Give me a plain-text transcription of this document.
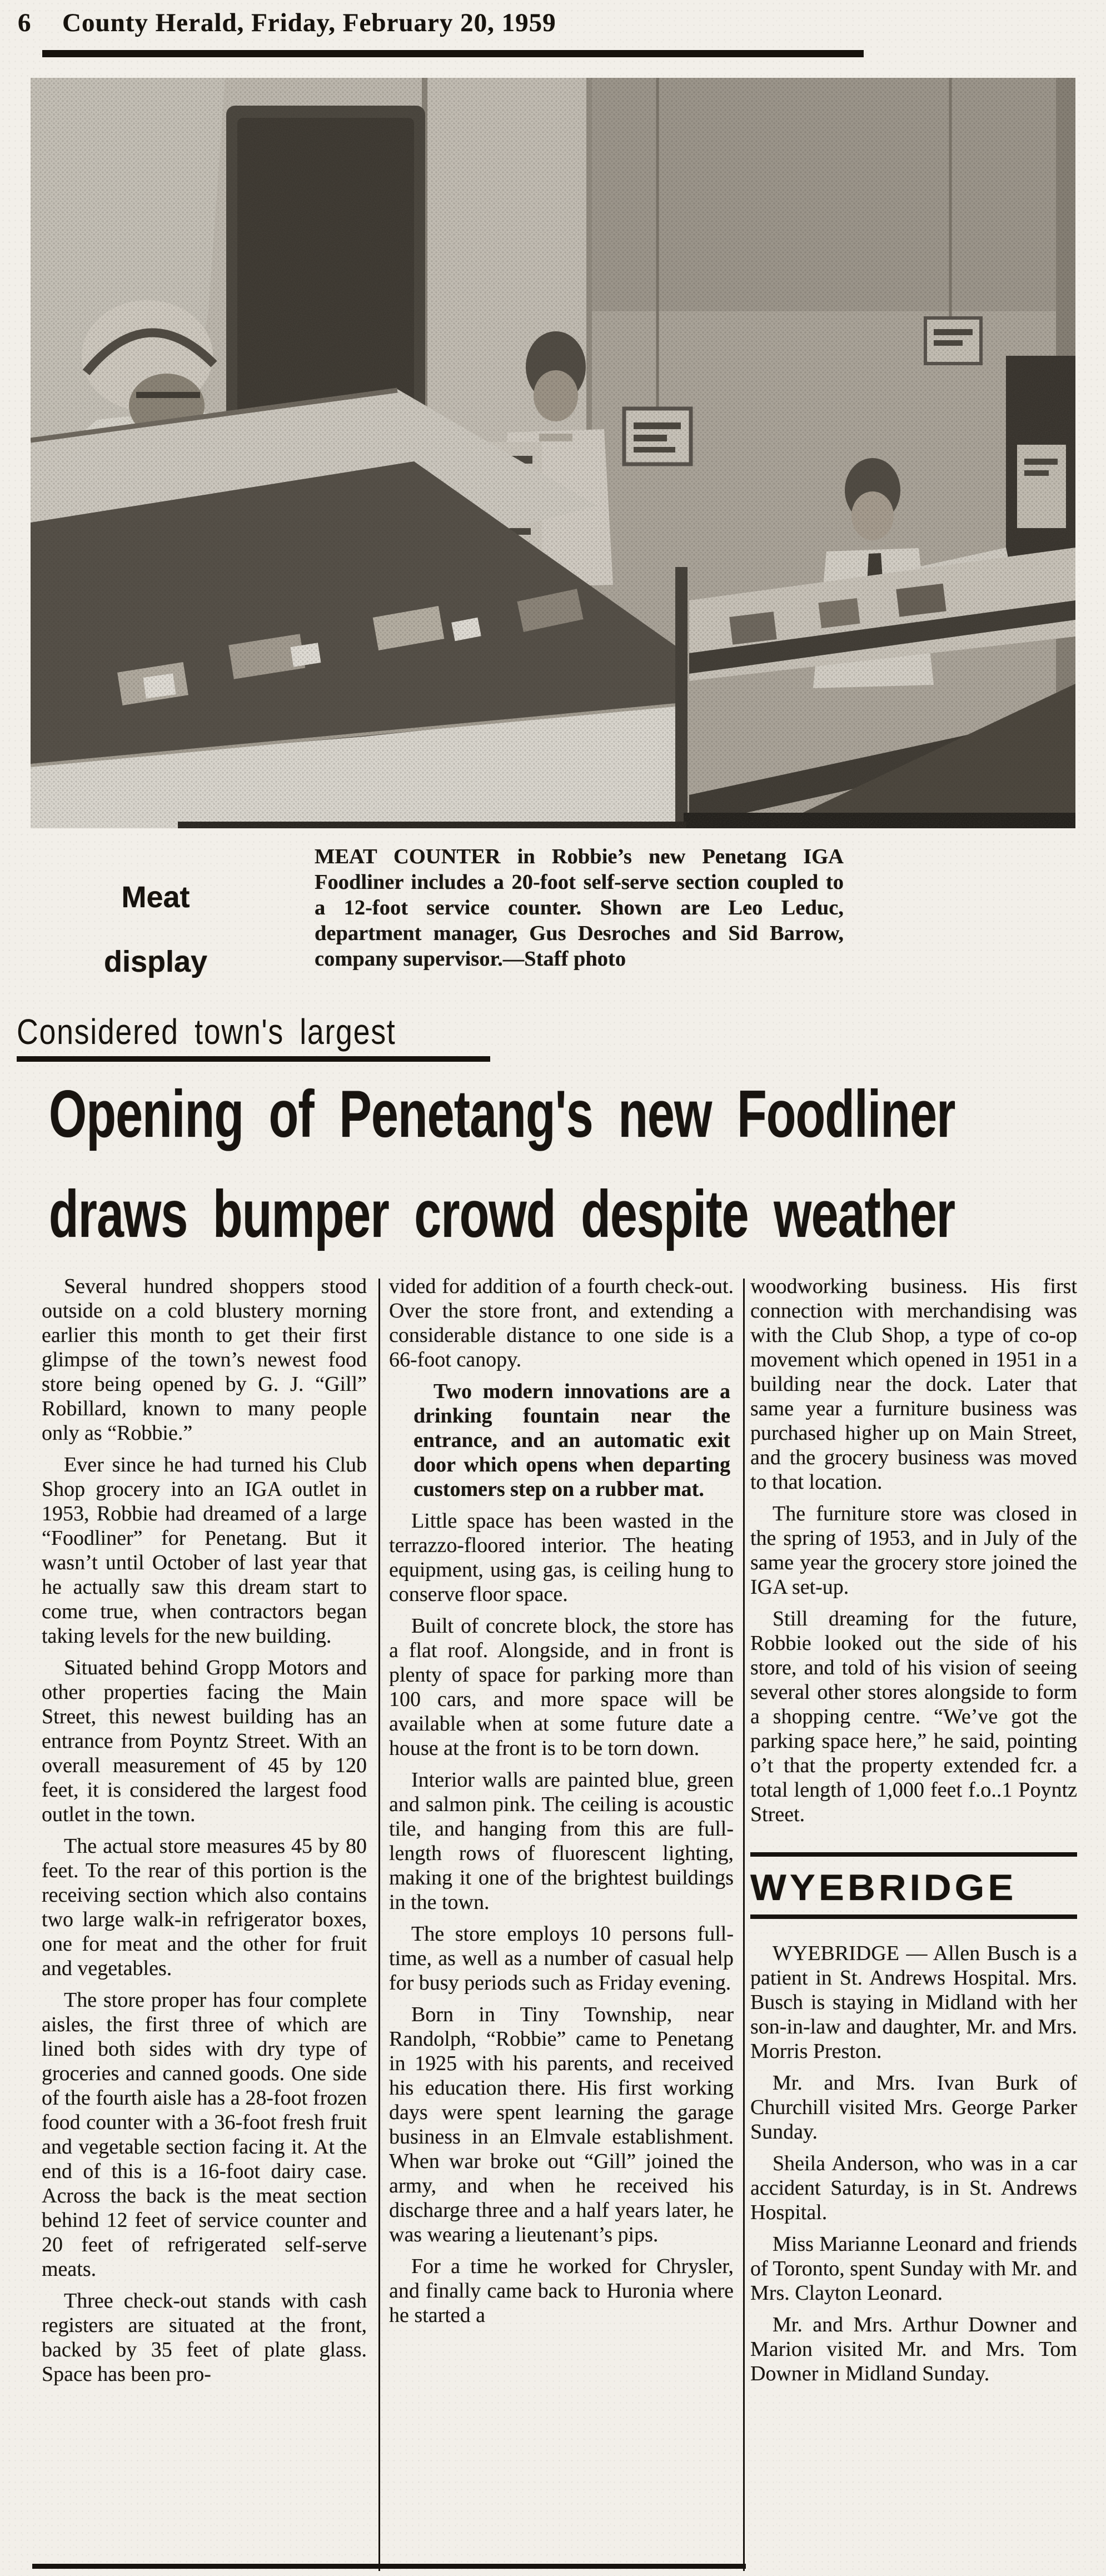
6 County Herald, Friday, February 20, 1959
Meat
display
MEAT COUNTER in Robbie’s new Penetang IGA Foodliner includes a 20-foot self-serve section coupled to a 12-foot service counter. Shown are Leo Leduc, department manager, Gus Desroches and Sid Barrow, company supervisor.—Staff photo
Considered town's largest
Opening of Penetang's new Foodliner
draws bumper crowd despite weather

Several hundred shoppers stood outside on a cold blustery morning earlier this month to get their first glimpse of the town’s newest food store being opened by G. J. “Gill” Robillard, known to many people only as “Robbie.”

Ever since he had turned his Club Shop grocery into an IGA outlet in 1953, Robbie had dreamed of a large “Foodliner” for Penetang. But it wasn’t until October of last year that he actually saw this dream start to come true, when contractors began taking levels for the new building.

Situated behind Gropp Motors and other properties facing the Main Street, this newest building has an entrance from Poyntz Street. With an overall measurement of 45 by 120 feet, it is considered the largest food outlet in the town.

The actual store measures 45 by 80 feet. To the rear of this portion is the receiving section which also contains two large walk-in refrigerator boxes, one for meat and the other for fruit and vegetables.

The store proper has four complete aisles, the first three of which are lined both sides with dry type of groceries and canned goods. One side of the fourth aisle has a 28-foot frozen food counter with a 36-foot fresh fruit and vegetable section facing it. At the end of this is a 16-foot dairy case. Across the back is the meat section behind 12 feet of service counter and 20 feet of refrigerated self-serve meats.

Three check-out stands with cash registers are situated at the front, backed by 35 feet of plate glass. Space has been pro-

vided for addition of a fourth check-out. Over the store front, and extending a considerable distance to one side is a 66-foot canopy.

Two modern innovations are a drinking fountain near the entrance, and an automatic exit door which opens when departing customers step on a rubber mat.

Little space has been wasted in the terrazzo-floored interior. The heating equipment, using gas, is ceiling hung to conserve floor space.

Built of concrete block, the store has a flat roof. Alongside, and in front is plenty of space for parking more than 100 cars, and more space will be available when at some future date a house at the front is to be torn down.

Interior walls are painted blue, green and salmon pink. The ceiling is acoustic tile, and hanging from this are full-length rows of fluorescent lighting, making it one of the brightest buildings in the town.

The store employs 10 persons full-time, as well as a number of casual help for busy periods such as Friday evening.

Born in Tiny Township, near Randolph, “Robbie” came to Penetang in 1925 with his parents, and received his education there. His first working days were spent learning the garage business in an Elmvale establishment. When war broke out “Gill” joined the army, and when he received his discharge three and a half years later, he was wearing a lieutenant’s pips.

For a time he worked for Chrysler, and finally came back to Huronia where he started a

woodworking business. His first connection with merchandising was with the Club Shop, a type of co-op movement which opened in 1951 in a building near the dock. Later that same year a furniture business was purchased higher up on Main Street, and the grocery business was moved to that location.

The furniture store was closed in the spring of 1953, and in July of the same year the grocery store joined the IGA set-up.

Still dreaming for the future, Robbie looked out the side of his store, and told of his vision of seeing several other stores alongside to form a shopping centre. “We’ve got the parking space here,” he said, pointing o’t that the property extended fcr. a total length of 1,000 feet f.o..1 Poyntz Street.

WYEBRIDGE

WYEBRIDGE — Allen Busch is a patient in St. Andrews Hospital. Mrs. Busch is staying in Midland with her son-in-law and daughter, Mr. and Mrs. Morris Preston.

Mr. and Mrs. Ivan Burk of Churchill visited Mrs. George Parker Sunday.

Sheila Anderson, who was in a car accident Saturday, is in St. Andrews Hospital.

Miss Marianne Leonard and friends of Toronto, spent Sunday with Mr. and Mrs. Clayton Leonard.

Mr. and Mrs. Arthur Downer and Marion visited Mr. and Mrs. Tom Downer in Midland Sunday.
